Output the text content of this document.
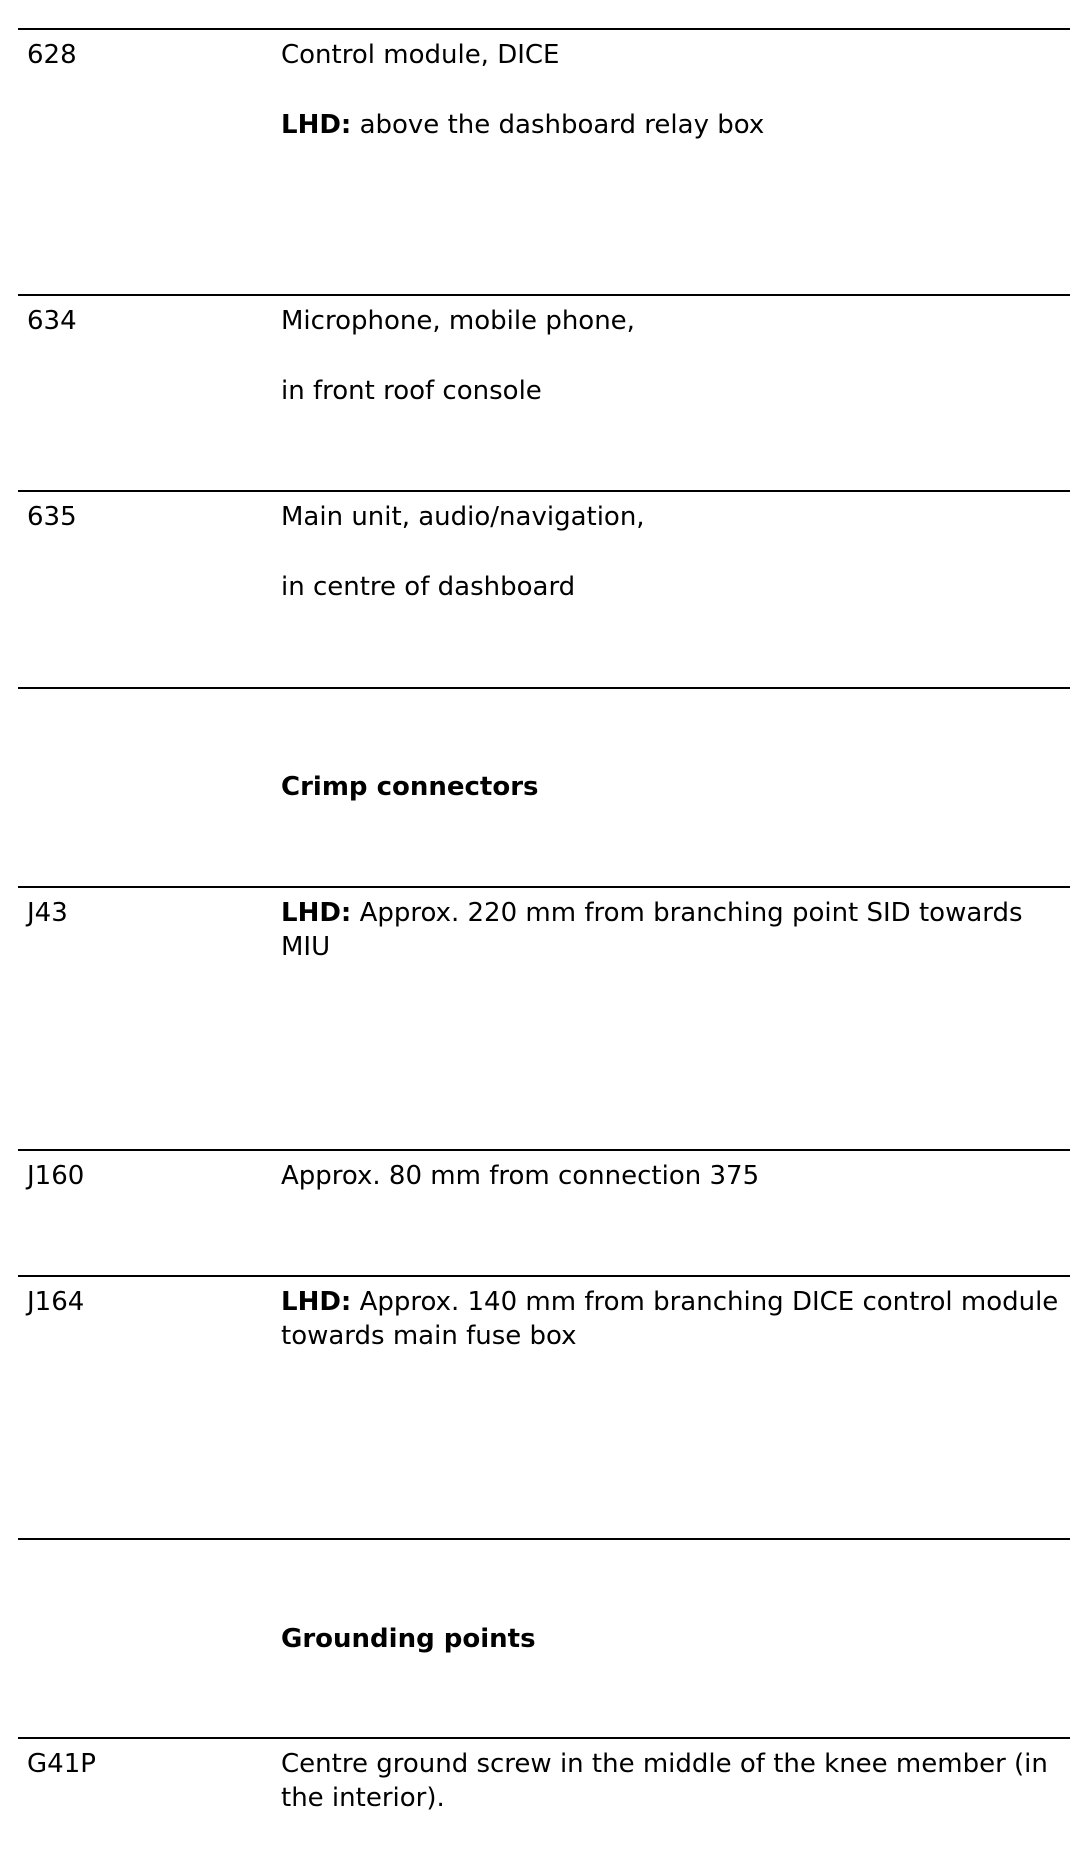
628	Control module, DICE

LHD: above the dashboard relay box

634	Microphone, mobile phone,

in front roof console

635	Main unit, audio/navigation,

in centre of dashboard

Crimp connectors
J43	LHD: Approx. 220 mm from branching point SID towards MIU

J160	Approx. 80 mm from connection 375

J164	LHD: Approx. 140 mm from branching DICE control module towards main fuse box

Grounding points
G41P	Centre ground screw in the middle of the knee member (in the interior).
